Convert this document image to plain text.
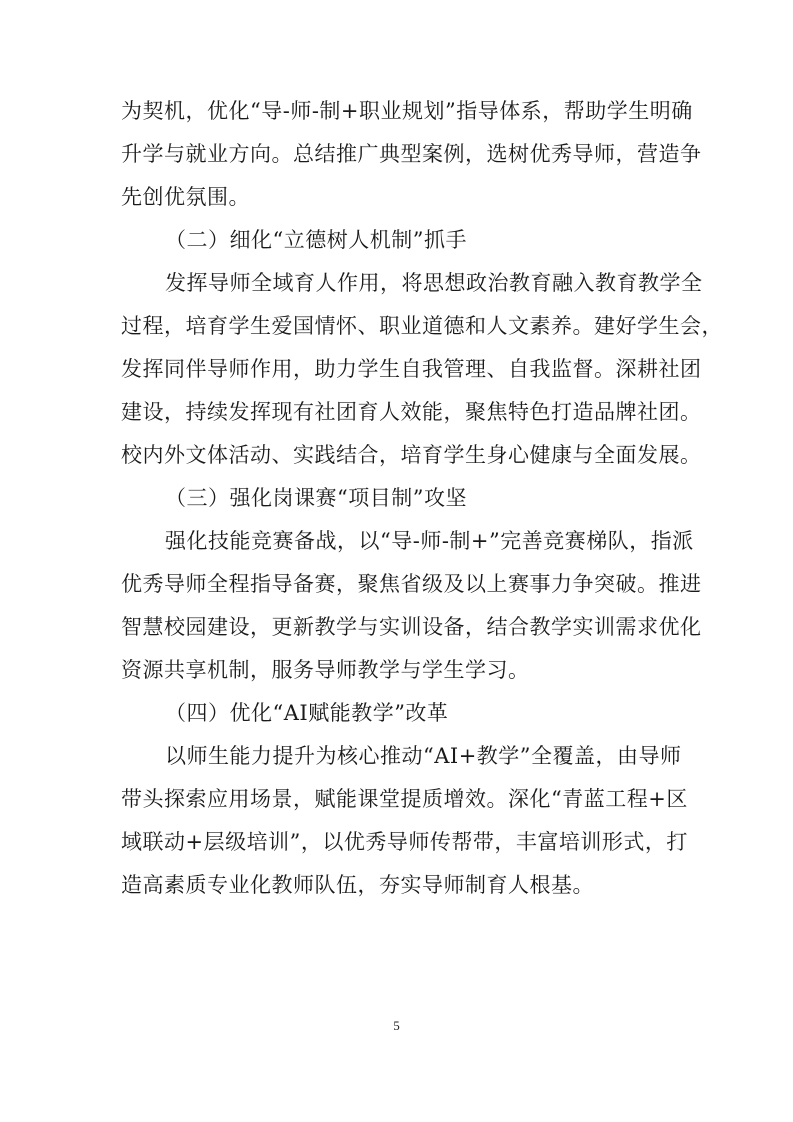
为契机，优化“导-师-制+职业规划”指导体系，帮助学生明确
升学与就业方向。总结推广典型案例，选树优秀导师，营造争
先创优氛围。
（二）细化“立德树人机制”抓手
发挥导师全域育人作用，将思想政治教育融入教育教学全
过程，培育学生爱国情怀、职业道德和人文素养。建好学生会，
发挥同伴导师作用，助力学生自我管理、自我监督。深耕社团
建设，持续发挥现有社团育人效能，聚焦特色打造品牌社团。
校内外文体活动、实践结合，培育学生身心健康与全面发展。
（三）强化岗课赛“项目制”攻坚
强化技能竞赛备战，以“导-师-制+”完善竞赛梯队，指派
优秀导师全程指导备赛，聚焦省级及以上赛事力争突破。推进
智慧校园建设，更新教学与实训设备，结合教学实训需求优化
资源共享机制，服务导师教学与学生学习。
（四）优化“AI赋能教学”改革
以师生能力提升为核心推动“AI+教学”全覆盖，由导师
带头探索应用场景，赋能课堂提质增效。深化“青蓝工程+区
域联动+层级培训”，以优秀导师传帮带，丰富培训形式，打
造高素质专业化教师队伍，夯实导师制育人根基。
5
